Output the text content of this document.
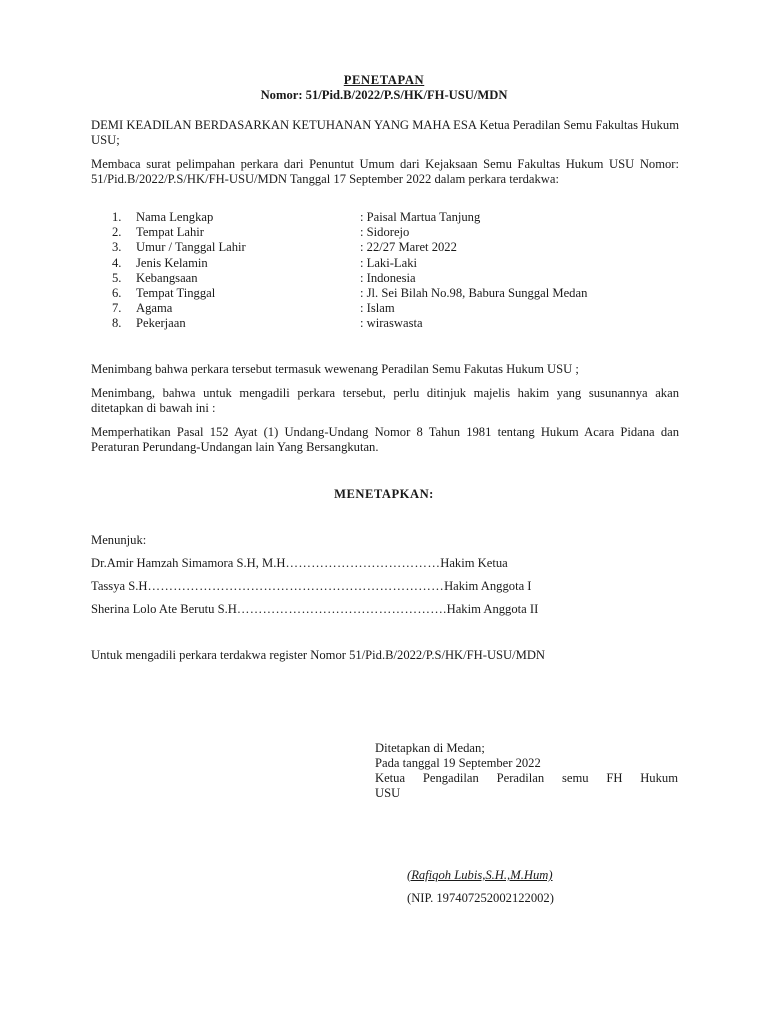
PENETAPAN
Nomor: 51/Pid.B/2022/P.S/HK/FH-USU/MDN
DEMI KEADILAN BERDASARKAN KETUHANAN YANG MAHA ESA Ketua Peradilan Semu Fakultas Hukum USU;
Membaca surat pelimpahan perkara dari Penuntut Umum dari Kejaksaan Semu Fakultas Hukum USU Nomor: 51/Pid.B/2022/P.S/HK/FH-USU/MDN Tanggal 17 September 2022 dalam perkara terdakwa:
1.	Nama Lengkap	: Paisal Martua Tanjung
2.	Tempat Lahir	: Sidorejo
3.	Umur / Tanggal Lahir	: 22/27 Maret 2022
4.	Jenis Kelamin	: Laki-Laki
5.	Kebangsaan	: Indonesia
6.	Tempat Tinggal	: Jl. Sei Bilah No.98, Babura Sunggal Medan
7.	Agama	: Islam
8.	Pekerjaan	: wiraswasta
Menimbang bahwa perkara tersebut termasuk wewenang Peradilan Semu Fakutas Hukum USU ;
Menimbang, bahwa untuk mengadili perkara tersebut, perlu ditinjuk majelis hakim yang susunannya akan ditetapkan di bawah ini :
Memperhatikan Pasal 152 Ayat (1) Undang-Undang Nomor 8 Tahun 1981 tentang Hukum Acara Pidana dan Peraturan Perundang-Undangan lain Yang Bersangkutan.
MENETAPKAN:
Menunjuk:
Dr.Amir Hamzah Simamora S.H, M.H………………………………Hakim Ketua
Tassya S.H……………………………………………………………Hakim Anggota I
Sherina Lolo Ate Berutu S.H………………………………………….Hakim Anggota II
Untuk mengadili perkara terdakwa register Nomor 51/Pid.B/2022/P.S/HK/FH-USU/MDN
Ditetapkan di Medan;
Pada tanggal 19 September 2022
Ketua Pengadilan Peradilan semu FH Hukum
USU
(Rafiqoh Lubis,S.H.,M.Hum)
(NIP. 197407252002122002)
